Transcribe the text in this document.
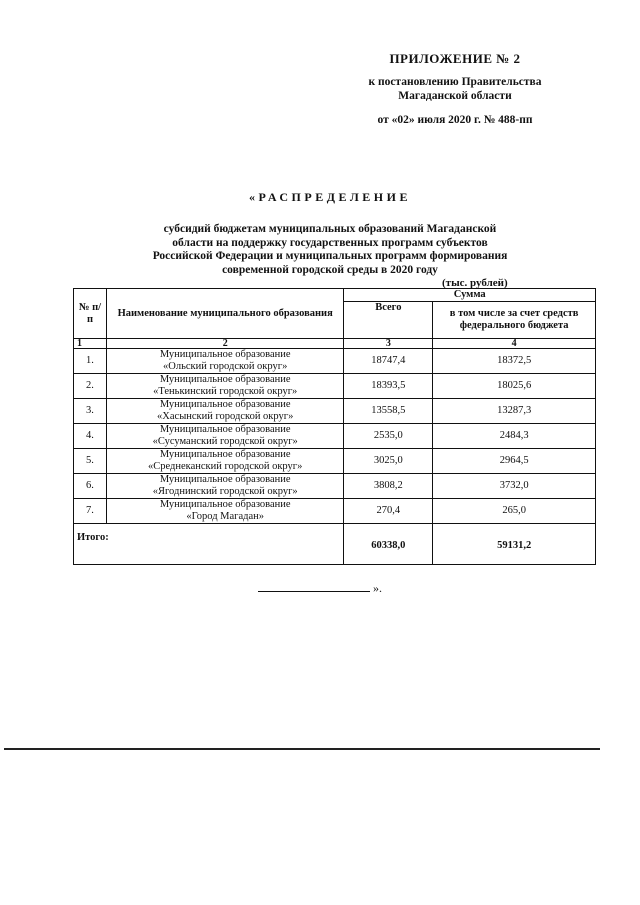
ПРИЛОЖЕНИЕ № 2
к постановлению Правительства
Магаданской области
от «02» июля 2020 г. № 488-пп
«РАСПРЕДЕЛЕНИЕ
субсидий бюджетам муниципальных образований Магаданской
области на поддержку государственных программ субъектов
Российской Федерации и муниципальных программ формирования
современной городской среды в 2020 году
(тыс. рублей)
№ п/п	Наименование муниципального образования	Сумма	
		Всего	в том числе за счет средств федерального бюджета
1	2	3	4
1.	Муниципальное образование
«Ольский городской округ»	18747,4	18372,5
2.	Муниципальное образование
«Тенькинский городской округ»	18393,5	18025,6
3.	Муниципальное образование
«Хасынский городской округ»	13558,5	13287,3
4.	Муниципальное образование
«Сусуманский городской округ»	2535,0	2484,3
5.	Муниципальное образование
«Среднеканский городской округ»	3025,0	2964,5
6.	Муниципальное образование
«Ягоднинский городской округ»	3808,2	3732,0
7.	Муниципальное образование
«Город Магадан»	270,4	265,0
Итого:		60338,0	59131,2
».
